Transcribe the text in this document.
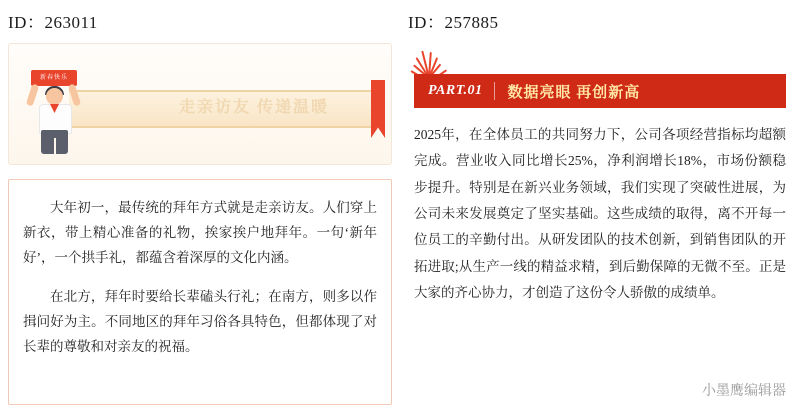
ID：263011
走亲访友 传递温暖
新春快乐

大年初一，最传统的拜年方式就是走亲访友。人们穿上新衣，带上精心准备的礼物，挨家挨户地拜年。一句‘新年好’，一个拱手礼，都蕴含着深厚的文化内涵。

在北方，拜年时要给长辈磕头行礼；在南方，则多以作揖问好为主。不同地区的拜年习俗各具特色，但都体现了对长辈的尊敬和对亲友的祝福。

ID：257885
PART.01	数据亮眼 再创新高
2025年，在全体员工的共同努力下，公司各项经营指标均超额完成。营业收入同比增长25%，净利润增长18%，市场份额稳步提升。特别是在新兴业务领域，我们实现了突破性进展，为公司未来发展奠定了坚实基础。这些成绩的取得，离不开每一位员工的辛勤付出。从研发团队的技术创新，到销售团队的开拓进取;从生产一线的精益求精，到后勤保障的无微不至。正是大家的齐心协力，才创造了这份令人骄傲的成绩单。
小墨鹰编辑器
